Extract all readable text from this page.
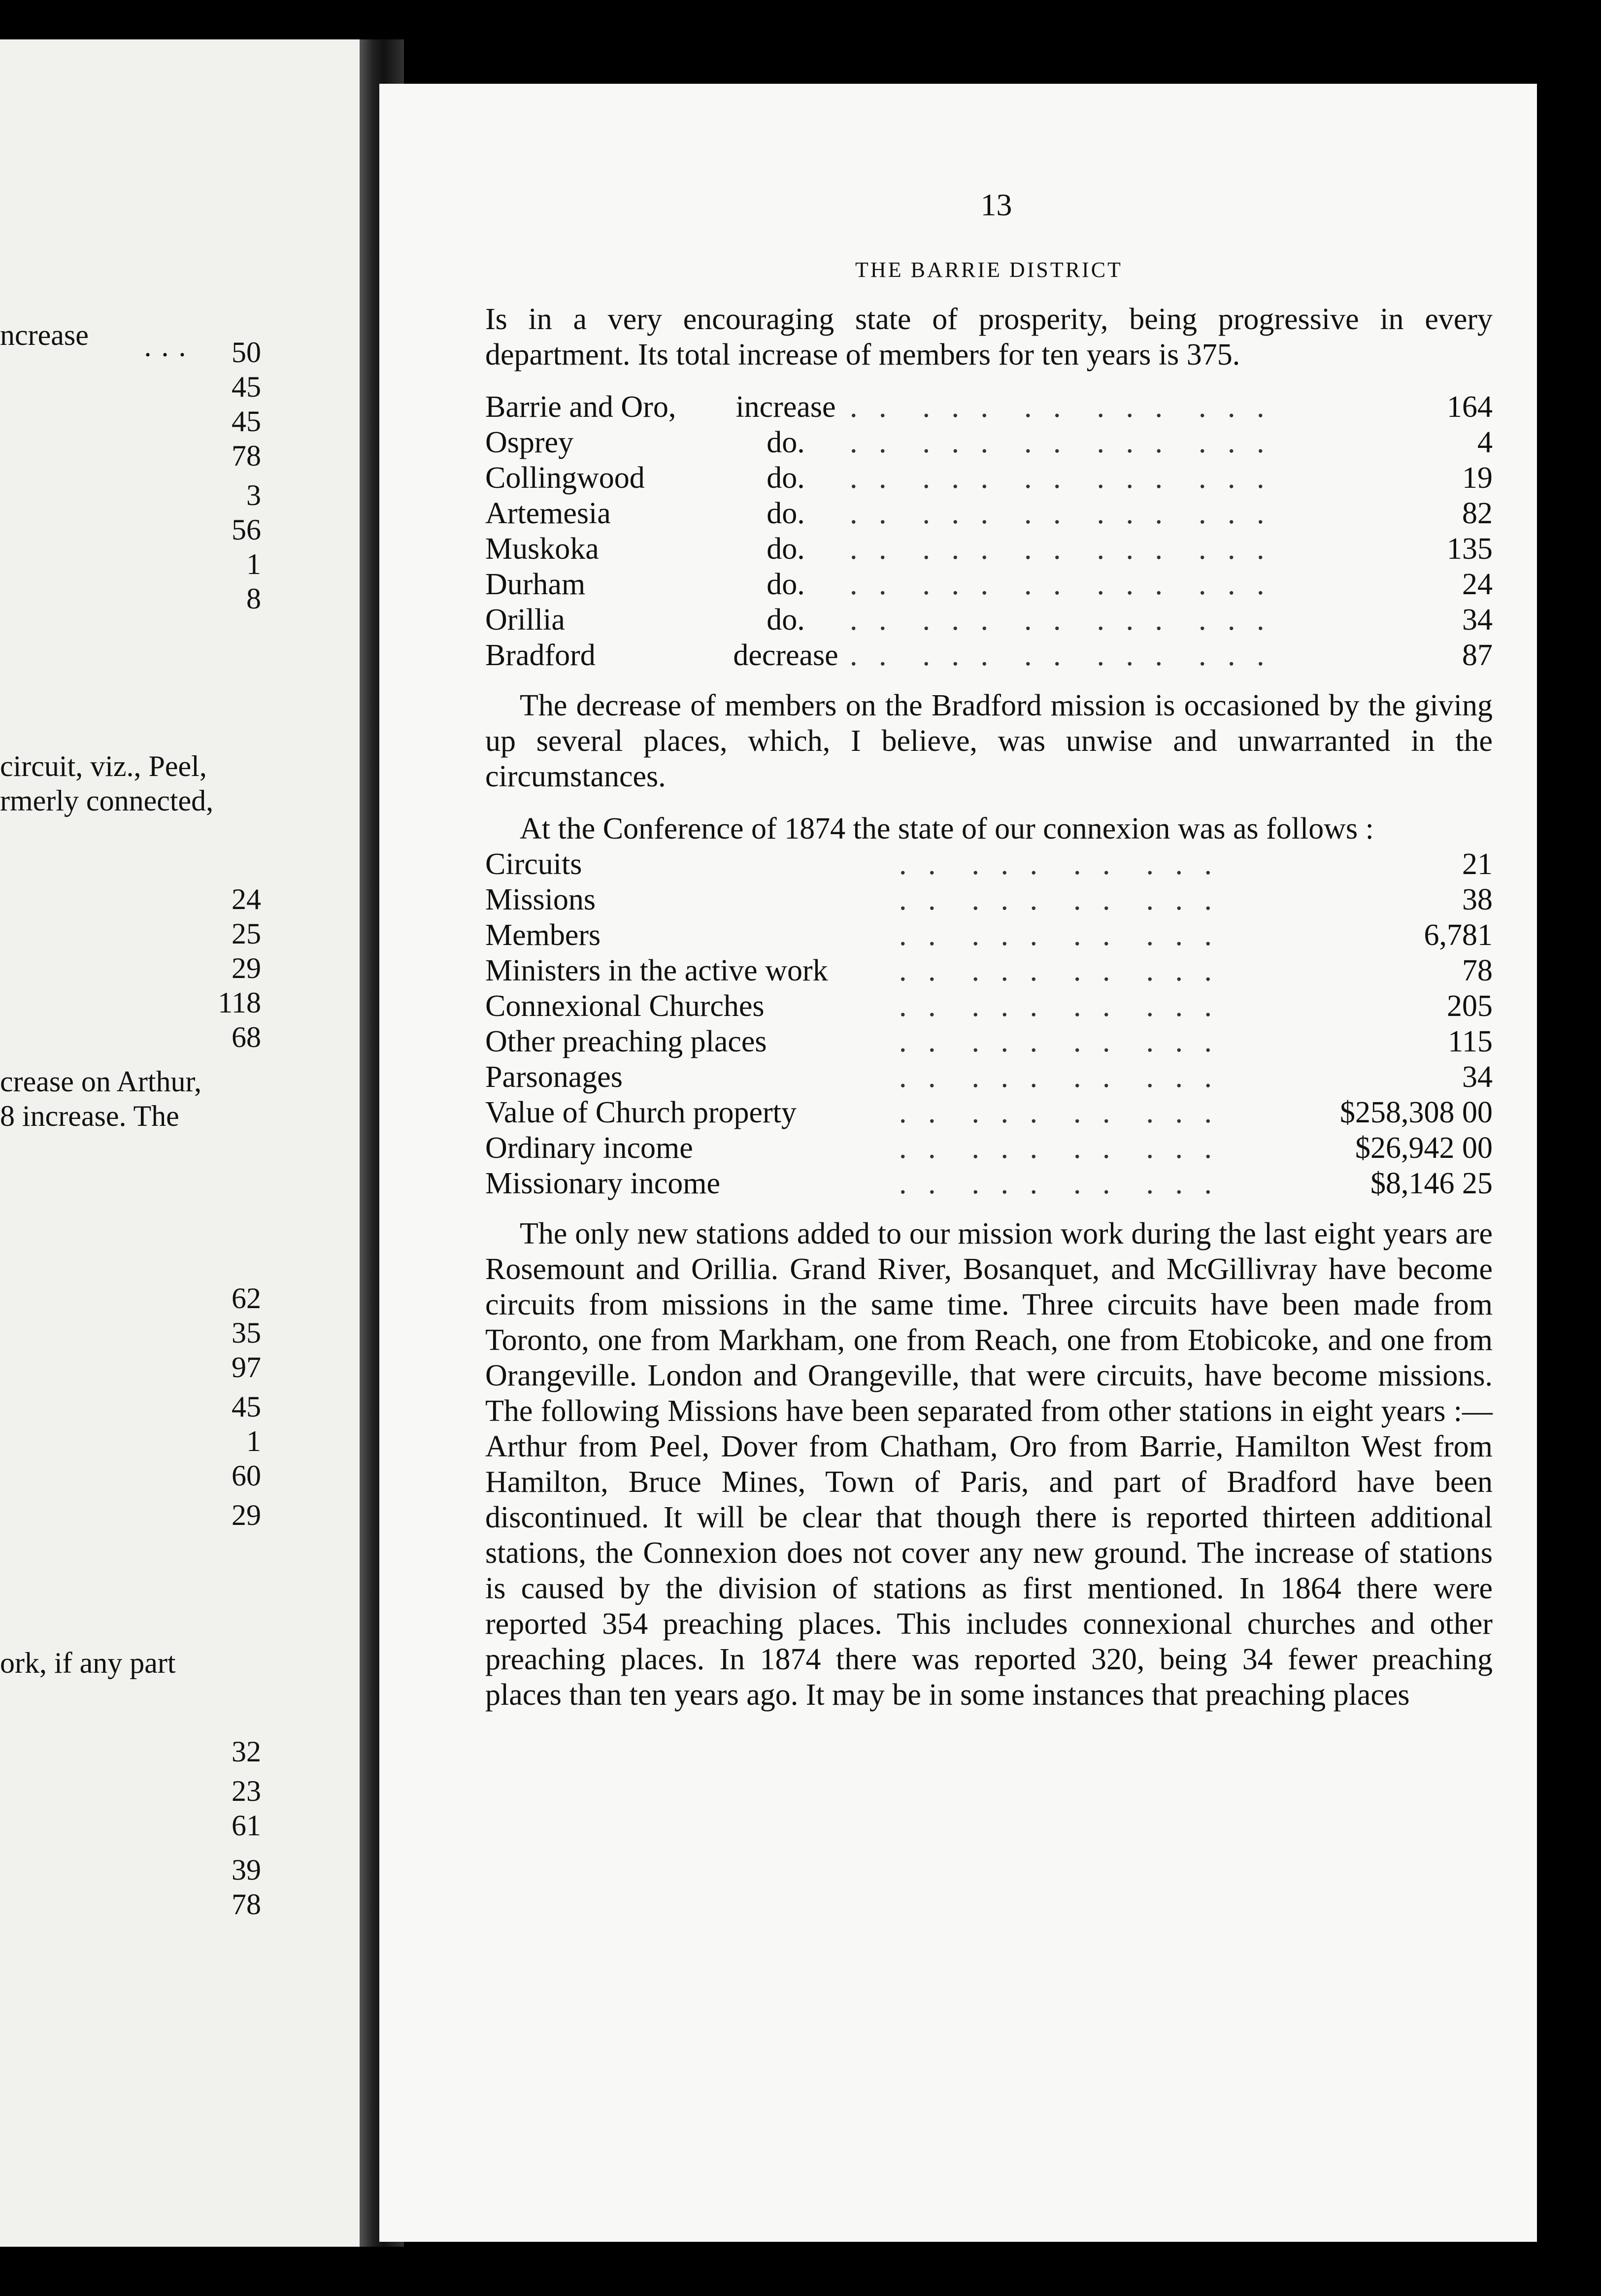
ncrease
· · ·	50
45
45
78
3
56
1
8
circuit, viz., Peel,
rmerly connected,
24
25
29
118
68
crease on Arthur,
8 increase. The
62
35
97
45
1
60
29
ork, if any part
32
23
61
39
78
13
THE BARRIE DISTRICT

Is in a very encouraging state of prosperity, being progressive in every department. Its total increase of members for ten years is 375.

Barrie and Oro,	increase	. .  . . .  . .  . . .  . . .	164
Osprey	do.	. .  . . .  . .  . . .  . . .	4
Collingwood	do.	. .  . . .  . .  . . .  . . .	19
Artemesia	do.	. .  . . .  . .  . . .  . . .	82
Muskoka	do.	. .  . . .  . .  . . .  . . .	135
Durham	do.	. .  . . .  . .  . . .  . . .	24
Orillia	do.	. .  . . .  . .  . . .  . . .	34
Bradford	decrease	. .  . . .  . .  . . .  . . .	87

The decrease of members on the Bradford mission is occasioned by the giving up several places, which, I believe, was unwise and unwarranted in the circumstances.

At the Conference of 1874 the state of our connexion was as follows :

Circuits	. .  . . .  . .  . . .	21
Missions	. .  . . .  . .  . . .	38
Members	. .  . . .  . .  . . .	6,781
Ministers in the active work	. .  . . .  . .  . . .	78
Connexional Churches	. .  . . .  . .  . . .	205
Other preaching places	. .  . . .  . .  . . .	115
Parsonages	. .  . . .  . .  . . .	34
Value of Church property	. .  . . .  . .  . . .	$258,308 00
Ordinary income	. .  . . .  . .  . . .	$26,942 00
Missionary income	. .  . . .  . .  . . .	$8,146 25

The only new stations added to our mission work during the last eight years are Rosemount and Orillia. Grand River, Bosanquet, and McGillivray have become circuits from missions in the same time. Three circuits have been made from Toronto, one from Markham, one from Reach, one from Etobicoke, and one from Orangeville. London and Orangeville, that were circuits, have become missions. The following Missions have been separated from other stations in eight years :—Arthur from Peel, Dover from Chatham, Oro from Barrie, Hamilton West from Hamilton, Bruce Mines, Town of Paris, and part of Bradford have been discontinued. It will be clear that though there is reported thirteen additional stations, the Connexion does not cover any new ground. The increase of stations is caused by the division of stations as first mentioned. In 1864 there were reported 354 preaching places. This includes connexional churches and other preaching places. In 1874 there was reported 320, being 34 fewer preaching places than ten years ago. It may be in some instances that preaching places
